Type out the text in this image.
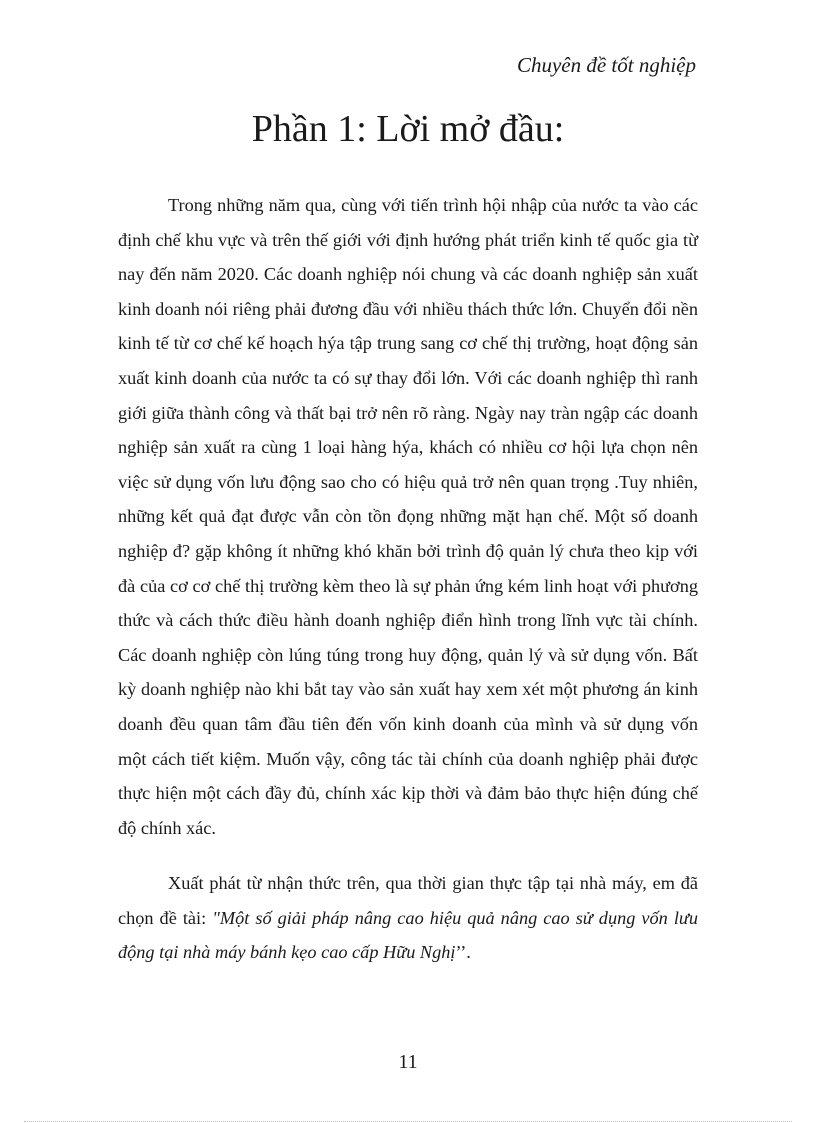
Chuyên đề tốt nghiệp
Phần 1: Lời mở đầu:

Trong những năm qua, cùng với tiến trình hội nhập của nước ta vào các định chế khu vực và trên thế giới với định hướng phát triển kinh tế quốc gia từ nay đến năm 2020. Các doanh nghiệp nói chung và các doanh nghiệp sản xuất kinh doanh nói riêng phải đương đầu với nhiều thách thức lớn. Chuyển đổi nền kinh tế từ cơ chế kế hoạch hýa tập trung sang cơ chế thị trường, hoạt động sản xuất kinh doanh của nước ta có sự thay đổi lớn. Với các doanh nghiệp thì ranh giới giữa thành công và thất bại trở nên rõ ràng. Ngày nay tràn ngập các doanh nghiệp sản xuất ra cùng 1 loại hàng hýa, khách có nhiều cơ hội lựa chọn nên việc sử dụng vốn lưu động sao cho có hiệu quả trở nên quan trọng .Tuy nhiên, những kết quả đạt được vẫn còn tồn đọng những mặt hạn chế. Một số doanh nghiệp đ? gặp không ít những khó khăn bởi trình độ quản lý chưa theo kịp với đà của cơ cơ chế thị trường kèm theo là sự phản ứng kém linh hoạt với phương thức và cách thức điều hành doanh nghiệp điển hình trong lĩnh vực tài chính. Các doanh nghiệp còn lúng túng trong huy động, quản lý và sử dụng vốn. Bất kỳ doanh nghiệp nào khi bắt tay vào sản xuất hay xem xét một phương án kinh doanh đều quan tâm đầu tiên đến vốn kinh doanh của mình và sử dụng vốn một cách tiết kiệm. Muốn vậy, công tác tài chính của doanh nghiệp phải được thực hiện một cách đầy đủ, chính xác kịp thời và đảm bảo thực hiện đúng chế độ chính xác.

Xuất phát từ nhận thức trên, qua thời gian thực tập tại nhà máy, em đã chọn đề tài: "Một số giải pháp nâng cao hiệu quả nâng cao sử dụng vốn lưu động tại nhà máy bánh kẹo cao cấp Hữu Nghị’’.

11
